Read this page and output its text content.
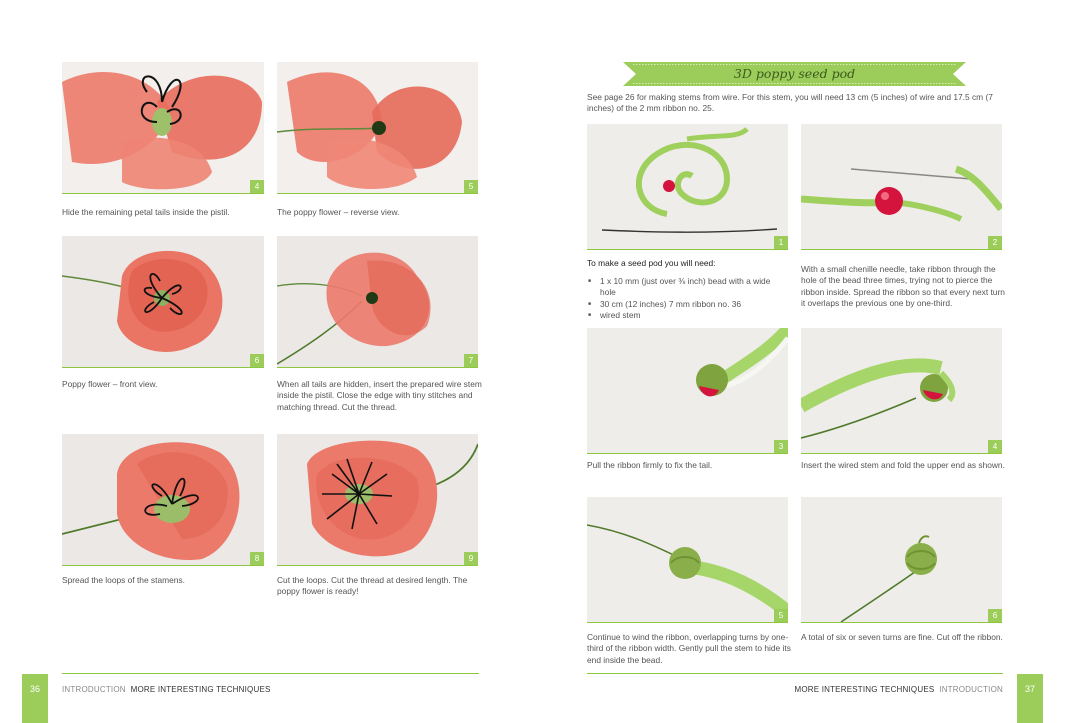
4
Hide the remaining petal tails inside the pistil.
5
The poppy flower – reverse view.
6
Poppy flower – front view.
7
When all tails are hidden, insert the prepared wire stem inside the pistil. Close the edge with tiny stitches and matching thread. Cut the thread.
8
Spread the loops of the stamens.
9
Cut the loops. Cut the thread at desired length. The poppy flower is ready!
36	INTRODUCTION MORE INTERESTING TECHNIQUES
3D poppy seed pod
See page 26 for making stems from wire. For this stem, you will need 13 cm (5 inches) of wire and 17.5 cm (7 inches) of the 2 mm ribbon no. 25.
1	2
With a small chenille needle, take ribbon through the hole of the bead three times, trying not to pierce the ribbon inside. Spread the ribbon so that every next turn it overlaps the previous one by one-third.
To make a seed pod you will need:
■ 1 x 10 mm (just over ⅜ inch) bead with a wide hole
■ 30 cm (12 inches) 7 mm ribbon no. 36
■ wired stem
3
Pull the ribbon firmly to fix the tail.
4
Insert the wired stem and fold the upper end as shown.
5
Continue to wind the ribbon, overlapping turns by one-third of the ribbon width. Gently pull the stem to hide its end inside the bead.
6
A total of six or seven turns are fine. Cut off the ribbon.
MORE INTERESTING TECHNIQUES INTRODUCTION	37
